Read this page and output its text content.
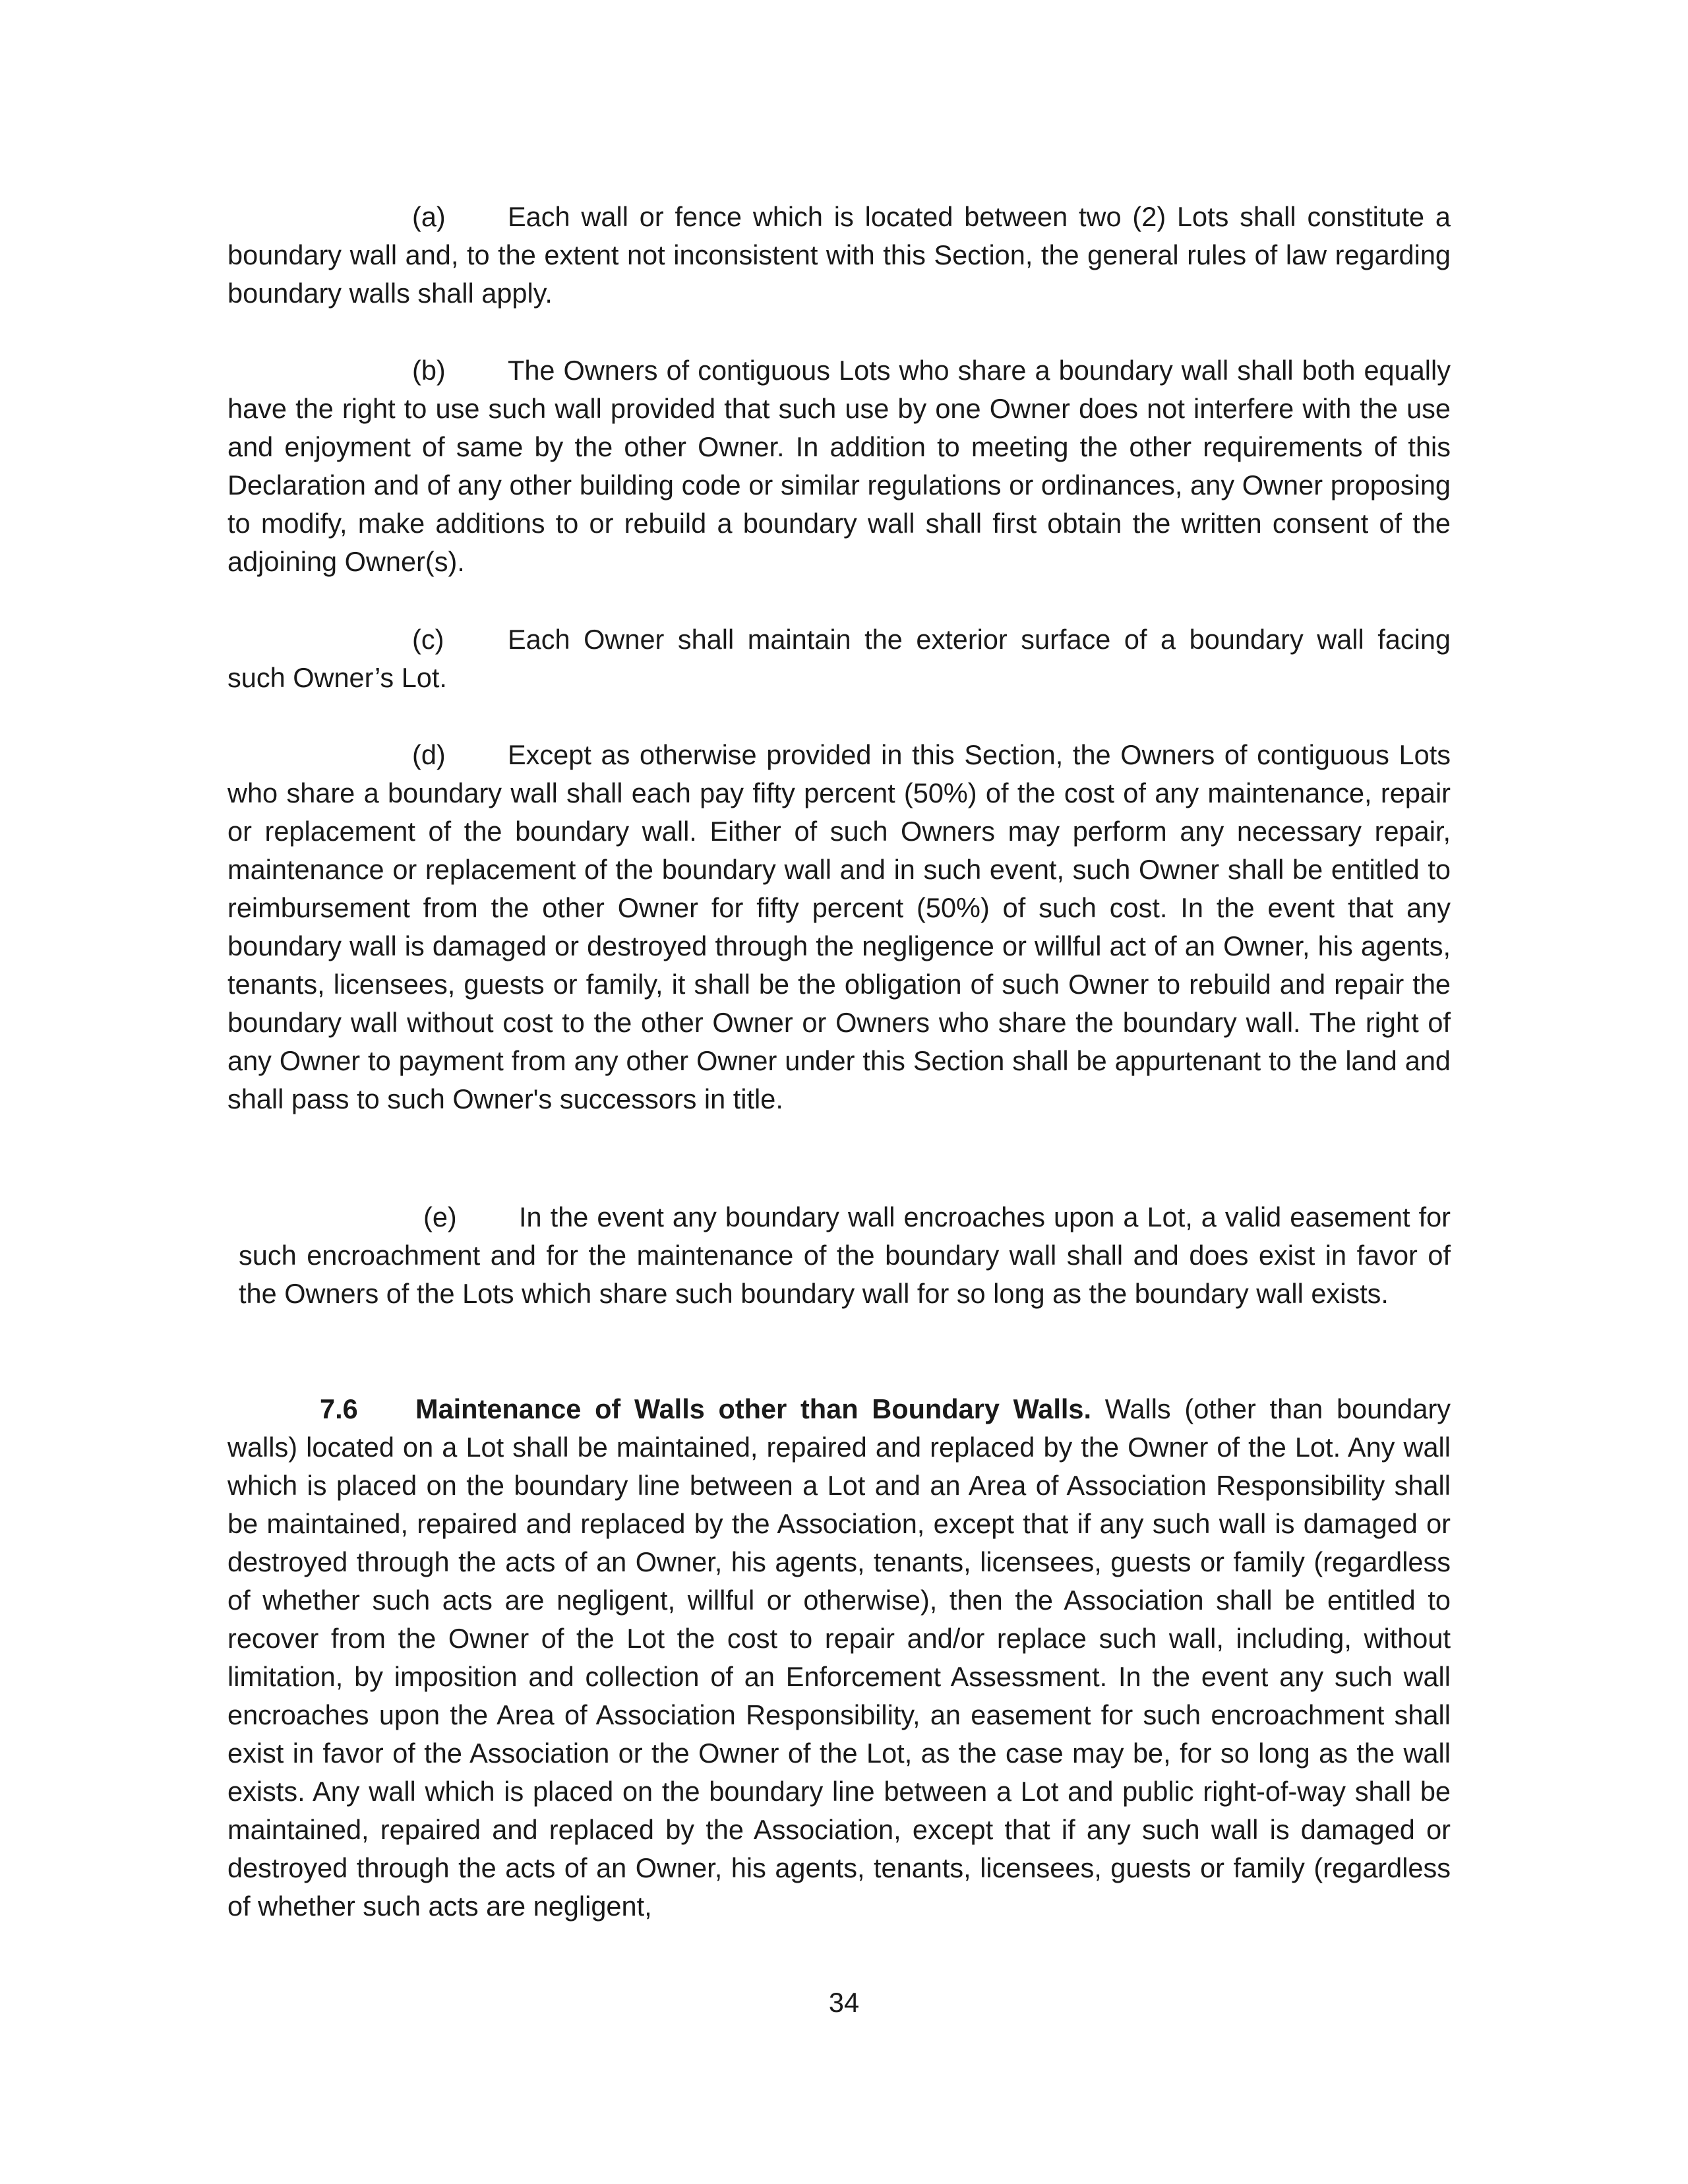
(a) Each wall or fence which is located between two (2) Lots shall constitute a boundary wall and, to the extent not inconsistent with this Section, the general rules of law regarding boundary walls shall apply.

(b) The Owners of contiguous Lots who share a boundary wall shall both equally have the right to use such wall provided that such use by one Owner does not interfere with the use and enjoyment of same by the other Owner. In addition to meeting the other requirements of this Declaration and of any other building code or similar regulations or ordinances, any Owner proposing to modify, make additions to or rebuild a boundary wall shall first obtain the written consent of the adjoining Owner(s).

(c) Each Owner shall maintain the exterior surface of a boundary wall facing such Owner’s Lot.

(d) Except as otherwise provided in this Section, the Owners of contiguous Lots who share a boundary wall shall each pay fifty percent (50%) of the cost of any maintenance, repair or replacement of the boundary wall. Either of such Owners may perform any necessary repair, maintenance or replacement of the boundary wall and in such event, such Owner shall be entitled to reimbursement from the other Owner for fifty percent (50%) of such cost. In the event that any boundary wall is damaged or destroyed through the negligence or willful act of an Owner, his agents, tenants, licensees, guests or family, it shall be the obligation of such Owner to rebuild and repair the boundary wall without cost to the other Owner or Owners who share the boundary wall. The right of any Owner to payment from any other Owner under this Section shall be appurtenant to the land and shall pass to such Owner's successors in title.

(e) In the event any boundary wall encroaches upon a Lot, a valid easement for such encroachment and for the maintenance of the boundary wall shall and does exist in favor of the Owners of the Lots which share such boundary wall for so long as the boundary wall exists.

7.6 Maintenance of Walls other than Boundary Walls. Walls (other than boundary walls) located on a Lot shall be maintained, repaired and replaced by the Owner of the Lot. Any wall which is placed on the boundary line between a Lot and an Area of Association Responsibility shall be maintained, repaired and replaced by the Association, except that if any such wall is damaged or destroyed through the acts of an Owner, his agents, tenants, licensees, guests or family (regardless of whether such acts are negligent, willful or otherwise), then the Association shall be entitled to recover from the Owner of the Lot the cost to repair and/or replace such wall, including, without limitation, by imposition and collection of an Enforcement Assessment. In the event any such wall encroaches upon the Area of Association Responsibility, an easement for such encroachment shall exist in favor of the Association or the Owner of the Lot, as the case may be, for so long as the wall exists. Any wall which is placed on the boundary line between a Lot and public right-of-way shall be maintained, repaired and replaced by the Association, except that if any such wall is damaged or destroyed through the acts of an Owner, his agents, tenants, licensees, guests or family (regardless of whether such acts are negligent,

34
